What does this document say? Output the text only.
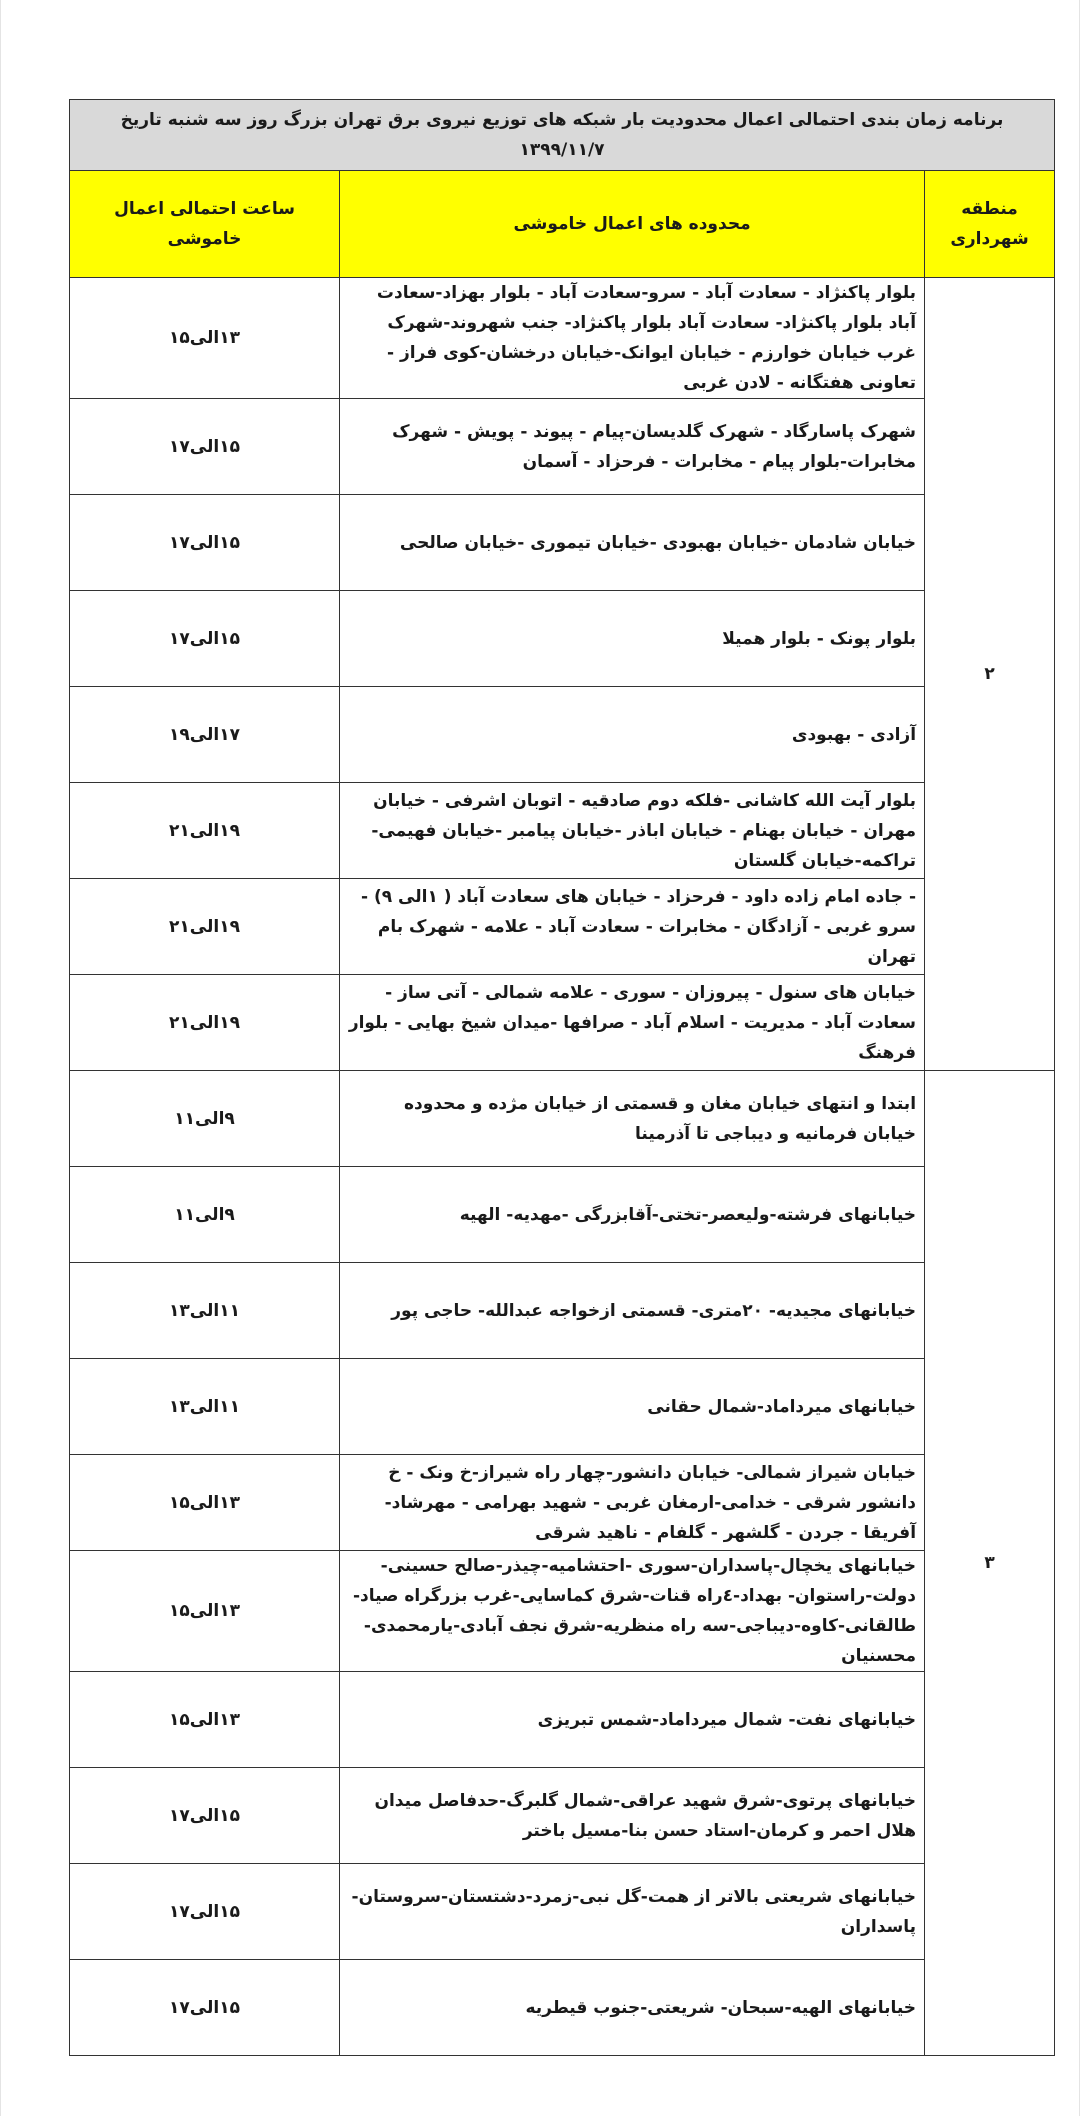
برنامه زمان بندی احتمالی اعمال محدودیت بار شبکه های توزیع نیروی برق تهران بزرگ روز سه شنبه تاریخ ۱۳۹۹/۱۱/۷		
منطقه شهرداری	محدوده های اعمال خاموشی	ساعت احتمالی اعمال خاموشی
۲	بلوار پاکنژاد - سعادت آباد - سرو-سعادت آباد - بلوار بهزاد-سعادت آباد بلوار پاکنژاد- سعادت آباد بلوار پاکنژاد- جنب شهروند-شهرک غرب خیابان خوارزم - خیابان ایوانک-خیابان درخشان-کوی فراز - تعاونی هفتگانه - لادن غربی	۱۳الی۱۵
	شهرک پاسارگاد - شهرک گلدیسان-پیام - پیوند - پویش - شهرک مخابرات-بلوار پیام - مخابرات - فرحزاد - آسمان	۱۵الی۱۷
	خیابان شادمان -خیابان بهبودی -خیابان تیموری -خیابان صالحی	۱۵الی۱۷
	بلوار پونک - بلوار همیلا	۱۵الی۱۷
	آزادی - بهبودی	۱۷الی۱۹
	بلوار آیت الله کاشانی -فلکه دوم صادقیه - اتوبان اشرفی - خیابان مهران - خیابان بهنام - خیابان اباذر -خیابان پیامبر -خیابان فهیمی-تراکمه-خیابان گلستان	۱۹الی۲۱
	- جاده امام زاده داود - فرحزاد - خیابان های سعادت آباد ( ۱الی ۹) - سرو غربی - آزادگان - مخابرات - سعادت آباد - علامه - شهرک بام تهران	۱۹الی۲۱
	خیابان های سنول - پیروزان - سوری - علامه شمالی - آتی ساز - سعادت آباد - مدیریت - اسلام آباد - صرافها -میدان شیخ بهایی - بلوار فرهنگ	۱۹الی۲۱
۳	ابتدا و انتهای خیابان مغان و قسمتی از خیابان مژده و محدوده خیابان فرمانیه و دیباجی تا آذرمینا	۹الی۱۱
	خیابانهای فرشته-ولیعصر-تختی-آقابزرگی -مهدیه- الهیه	۹الی۱۱
	خیابانهای مجیدیه- ۲۰متری- قسمتی ازخواجه عبدالله- حاجی پور	۱۱الی۱۳
	خیابانهای میرداماد-شمال حقانی	۱۱الی۱۳
	خیابان شیراز شمالی- خیابان دانشور-چهار راه شیراز-خ ونک - خ دانشور شرقی - خدامی-ارمغان غربی - شهید بهرامی - مهرشاد-آفریقا - جردن - گلشهر - گلفام - ناهید شرقی	۱۳الی۱۵
	خیابانهای یخچال-پاسداران-سوری -احتشامیه-چیذر-صالح حسینی-دولت-راستوان- بهداد-٤راه قنات-شرق کماسایی-غرب بزرگراه صیاد-طالقانی-کاوه-دیباجی-سه راه منظریه-شرق نجف آبادی-یارمحمدی-محسنیان	۱۳الی۱۵
	خیابانهای نفت- شمال میرداماد-شمس تبریزی	۱۳الی۱۵
	خیابانهای پرتوی-شرق شهید عراقی-شمال گلبرگ-حدفاصل میدان هلال احمر و کرمان-استاد حسن بنا-مسیل باختر	۱۵الی۱۷
	خیابانهای شریعتی بالاتر از همت-گل نبی-زمرد-دشتستان-سروستان-پاسداران	۱۵الی۱۷
	خیابانهای الهیه-سبحان- شریعتی-جنوب قیطریه	۱۵الی۱۷
